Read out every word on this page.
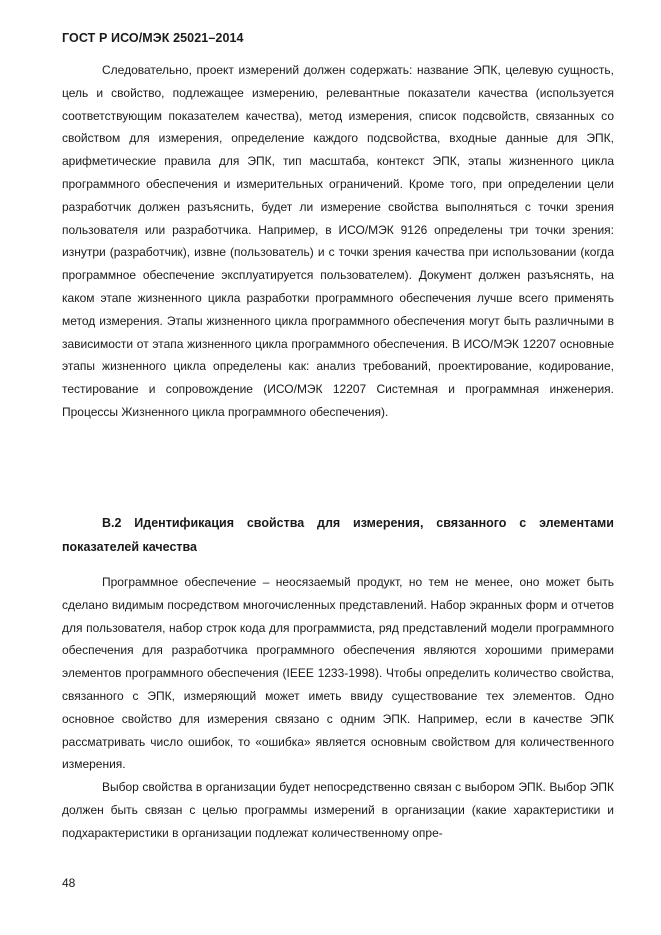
ГОСТ Р ИСО/МЭК 25021–2014

Следовательно, проект измерений должен содержать: название ЭПК, целевую сущность, цель и свойство, подлежащее измерению, релевантные показатели качества (используется соответствующим показателем качества), метод измерения, список подсвойств, связанных со свойством для измерения, определение каждого подсвойства, входные данные для ЭПК, арифметические правила для ЭПК, тип масштаба, контекст ЭПК, этапы жизненного цикла программного обеспечения и измерительных ограничений. Кроме того, при определении цели разработчик должен разъяснить, будет ли измерение свойства выполняться с точки зрения пользователя или разработчика. Например, в ИСО/МЭК 9126 определены три точки зрения: изнутри (разработчик), извне (пользователь) и с точки зрения качества при использовании (когда программное обеспечение эксплуатируется пользователем). Документ должен разъяснять, на каком этапе жизненного цикла разработки программного обеспечения лучше всего применять метод измерения. Этапы жизненного цикла программного обеспечения могут быть различными в зависимости от этапа жизненного цикла программного обеспечения. В ИСО/МЭК 12207 основные этапы жизненного цикла определены как: анализ требований, проектирование, кодирование, тестирование и сопровождение (ИСО/МЭК 12207 Системная и программная инженерия. Процессы Жизненного цикла программного обеспечения).

В.2 Идентификация свойства для измерения, связанного с элементами показателей качества

Программное обеспечение – неосязаемый продукт, но тем не менее, оно может быть сделано видимым посредством многочисленных представлений. Набор экранных форм и отчетов для пользователя, набор строк кода для программиста, ряд представлений модели программного обеспечения для разработчика программного обеспечения являются хорошими примерами элементов программного обеспечения (IEEE 1233-1998). Чтобы определить количество свойства, связанного с ЭПК, измеряющий может иметь ввиду существование тех элементов. Одно основное свойство для измерения связано с одним ЭПК. Например, если в качестве ЭПК рассматривать число ошибок, то «ошибка» является основным свойством для количественного измерения.

Выбор свойства в организации будет непосредственно связан с выбором ЭПК. Выбор ЭПК должен быть связан с целью программы измерений в организации (какие характеристики и подхарактеристики в организации подлежат количественному опре-

48
